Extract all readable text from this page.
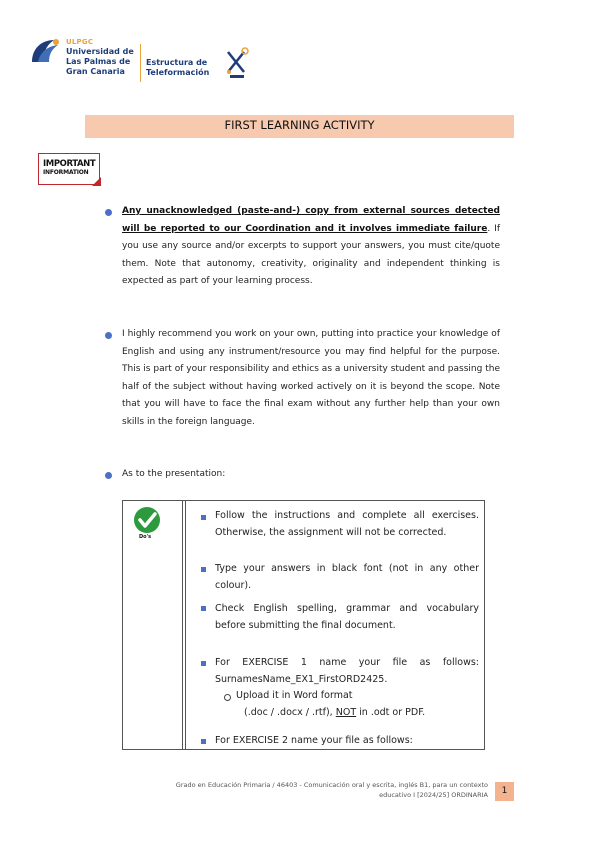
ULPGC
Universidad de
Las Palmas de
Gran Canaria
Estructura de
Teleformación
FIRST LEARNING ACTIVITY
IMPORTANT
INFORMATION
Any unacknowledged (paste-and-) copy from external sources detected will be reported to our Coordination and it involves immediate failure. If you use any source and/or excerpts to support your answers, you must cite/quote them. Note that autonomy, creativity, originality and independent thinking is expected as part of your learning process.
I highly recommend you work on your own, putting into practice your knowledge of English and using any instrument/resource you may find helpful for the purpose. This is part of your responsibility and ethics as a university student and passing the half of the subject without having worked actively on it is beyond the scope. Note that you will have to face the final exam without any further help than your own skills in the foreign language.
As to the presentation:
Do's
Follow the instructions and complete all exercises. Otherwise, the assignment will not be corrected.
Type your answers in black font (not in any other colour).
Check English spelling, grammar and vocabulary before submitting the final document.
For EXERCISE 1 name your file as follows: SurnamesName_EX1_FirstORD2425.
Upload it in Word format
(.doc / .docx / .rtf), NOT in .odt or PDF.
For EXERCISE 2 name your file as follows:
Grado en Educación Primaria / 46403 - Comunicación oral y escrita, inglés B1, para un contexto
educativo I [2024/25] ORDINARIA	1
